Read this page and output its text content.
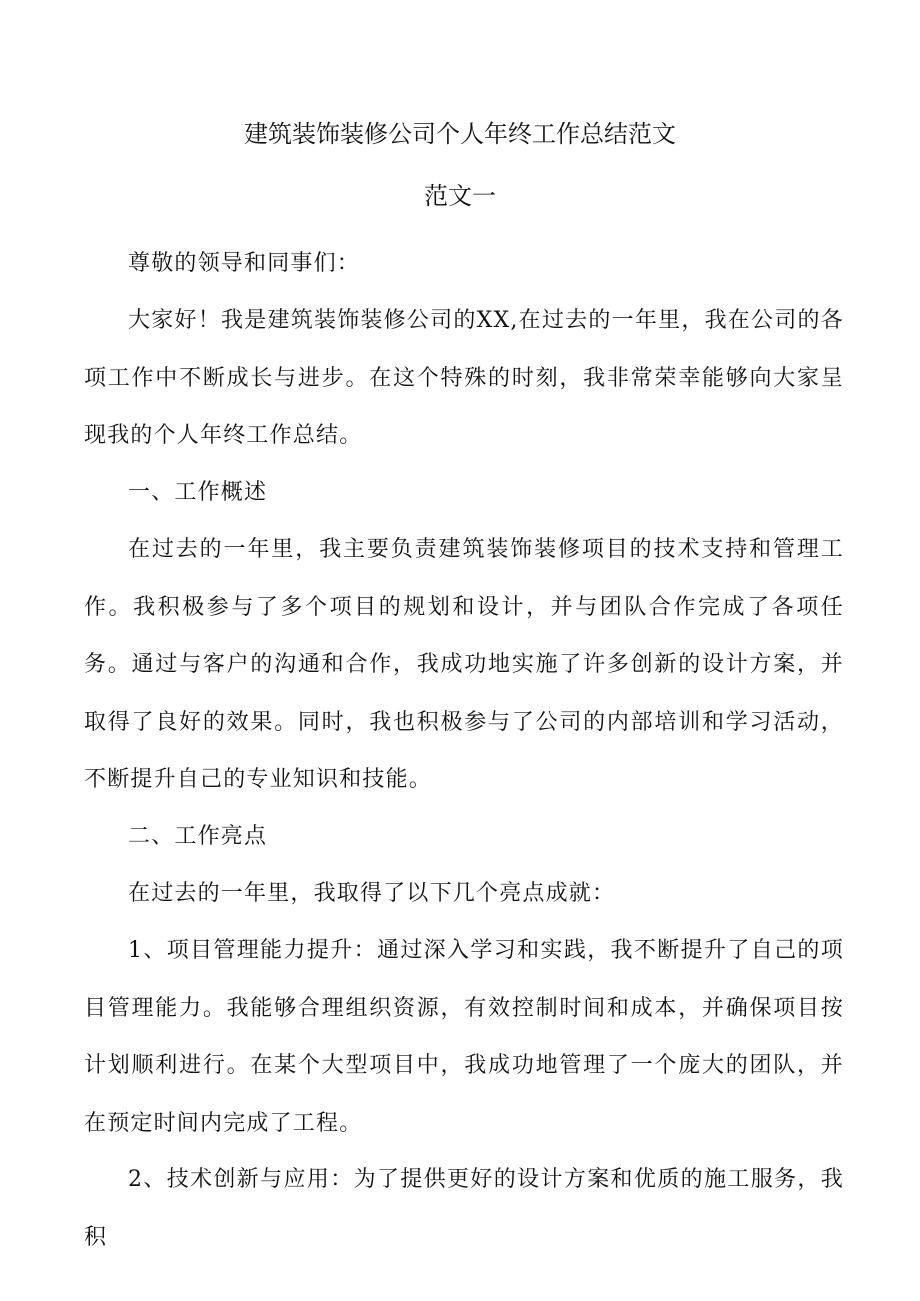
建筑装饰装修公司个人年终工作总结范文
范文一

尊敬的领导和同事们：

大家好！我是建筑装饰装修公司的XX,在过去的一年里，我在公司的各项工作中不断成长与进步。在这个特殊的时刻，我非常荣幸能够向大家呈现我的个人年终工作总结。

一、工作概述

在过去的一年里，我主要负责建筑装饰装修项目的技术支持和管理工作。我积极参与了多个项目的规划和设计，并与团队合作完成了各项任务。通过与客户的沟通和合作，我成功地实施了许多创新的设计方案，并取得了良好的效果。同时，我也积极参与了公司的内部培训和学习活动，不断提升自己的专业知识和技能。

二、工作亮点

在过去的一年里，我取得了以下几个亮点成就：

1、项目管理能力提升：通过深入学习和实践，我不断提升了自己的项目管理能力。我能够合理组织资源，有效控制时间和成本，并确保项目按计划顺利进行。在某个大型项目中，我成功地管理了一个庞大的团队，并在预定时间内完成了工程。

2、技术创新与应用：为了提供更好的设计方案和优质的施工服务，我积
